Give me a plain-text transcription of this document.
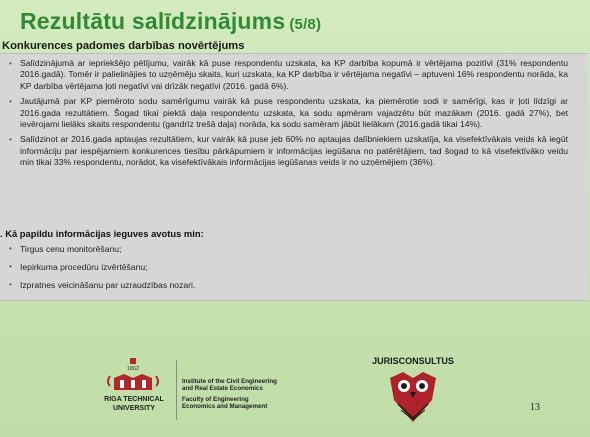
Rezultātu salīdzinājums (5/8)
Konkurences padomes darbības novērtējums
• Salīdzinājumā ar iepriekšējo pētījumu, vairāk kā puse respondentu uzskata, ka KP darbība kopumā ir vērtējama pozitīvi (31% respondentu 2016.gadā). Tomēr ir palielinājies to uzņēmēju skaits, kuri uzskata, ka KP darbība ir vērtējama negatīvi – aptuveni 16% respondentu norāda, ka KP darbība vērtējama ļoti negatīvi vai drīzāk negatīvi (2016. gadā 6%).
• Jautājumā par KP piemēroto sodu samērīgumu vairāk kā puse respondentu uzskata, ka piemērotie sodi ir samērīgi, kas ir ļoti līdzīgi ar 2016.gada rezultātiem. Šogad tikai piektā daļa respondentu uzskata, ka sodu apmēram vajadzētu būt mazākam (2016. gadā 27%), bet ievērojami lielāks skaits respondentu (gandrīz trešā daļa) norāda, ka sodu samēram jābūt lielākam (2016.gadā tikai 14%).
• Salīdzinot ar 2016.gada aptaujas rezultātiem, kur vairāk kā puse jeb 60% no aptaujas dalībniekiem uzskatīja, ka visefektīvākais veids kā iegūt informāciju par iespējamiem konkurences tiesību pārkāpumiem ir informācijas iegūšana no patērētājiem, tad šogad to kā visefektīvāko veidu min tikai 33% respondentu, norādot, ka visefektīvākais informācijas iegūšanas veids ir no uzņēmējiem (36%).
. Kā papildu informācijas ieguves avotus min:
• Tirgus cenu monitorēšanu;
• Iepirkuma procedūru izvērtēšanu;
• Izpratnes veicināšanu par uzraudzības nozari.
1862
RIGA TECHNICAL
UNIVERSITY
Institute of the Civil Engineering
and Real Estate Economics
Faculty of Engineering
Economics and Management
JURISCONSULTUS
13
